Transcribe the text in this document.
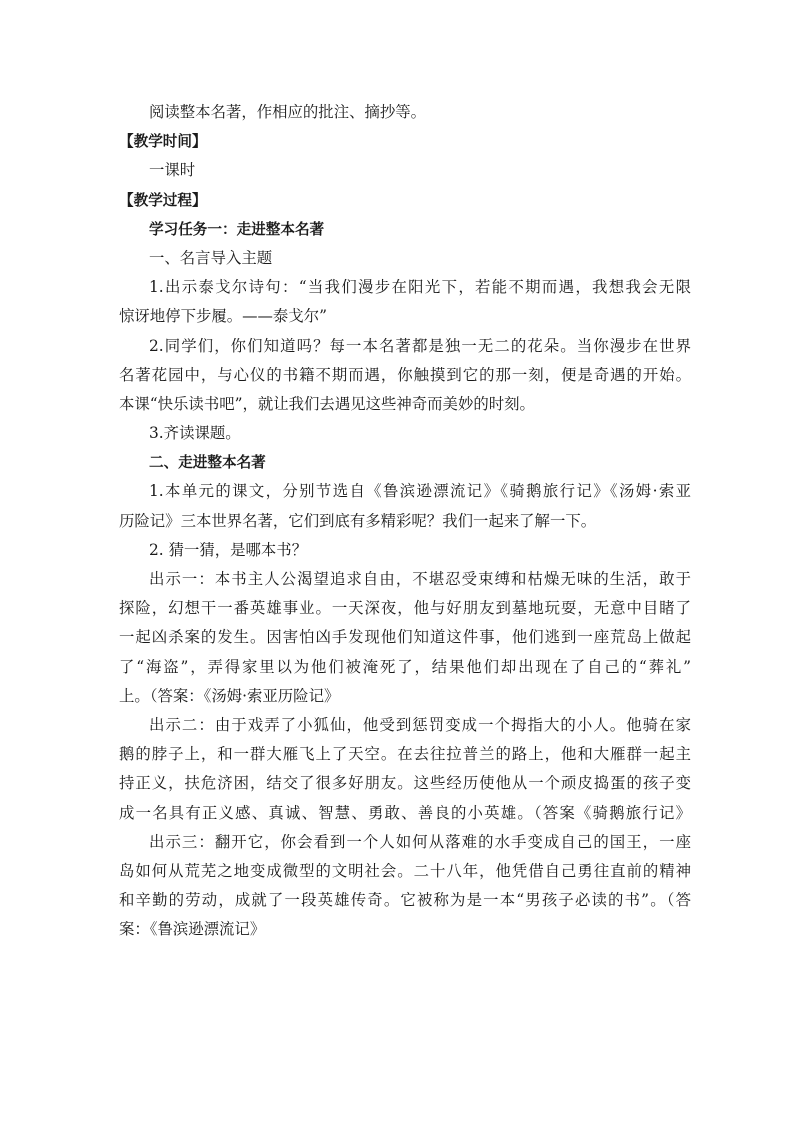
阅读整本名著，作相应的批注、摘抄等。
【教学时间】
一课时
【教学过程】
学习任务一：走进整本名著
一、名言导入主题
1.出示泰戈尔诗句：“当我们漫步在阳光下，若能不期而遇，我想我会无限
惊讶地停下步履。——泰戈尔”
2.同学们，你们知道吗？每一本名著都是独一无二的花朵。当你漫步在世界
名著花园中，与心仪的书籍不期而遇，你触摸到它的那一刻，便是奇遇的开始。
本课“快乐读书吧”，就让我们去遇见这些神奇而美妙的时刻。
3.齐读课题。
二、走进整本名著
1.本单元的课文，分别节选自《鲁滨逊漂流记》《骑鹅旅行记》《汤姆·索亚
历险记》三本世界名著，它们到底有多精彩呢？我们一起来了解一下。
2. 猜一猜，是哪本书？
出示一：本书主人公渴望追求自由，不堪忍受束缚和枯燥无味的生活，敢于
探险，幻想干一番英雄事业。一天深夜，他与好朋友到墓地玩耍，无意中目睹了
一起凶杀案的发生。因害怕凶手发现他们知道这件事，他们逃到一座荒岛上做起
了“海盗”，弄得家里以为他们被淹死了，结果他们却出现在了自己的“葬礼”
上。（答案：《汤姆·索亚历险记》
出示二：由于戏弄了小狐仙，他受到惩罚变成一个拇指大的小人。他骑在家
鹅的脖子上，和一群大雁飞上了天空。在去往拉普兰的路上，他和大雁群一起主
持正义，扶危济困，结交了很多好朋友。这些经历使他从一个顽皮捣蛋的孩子变
成一名具有正义感、真诚、智慧、勇敢、善良的小英雄。（答案《骑鹅旅行记》
出示三：翻开它，你会看到一个人如何从落难的水手变成自己的国王，一座
岛如何从荒芜之地变成微型的文明社会。二十八年，他凭借自己勇往直前的精神
和辛勤的劳动，成就了一段英雄传奇。它被称为是一本“男孩子必读的书”。（答
案：《鲁滨逊漂流记》
